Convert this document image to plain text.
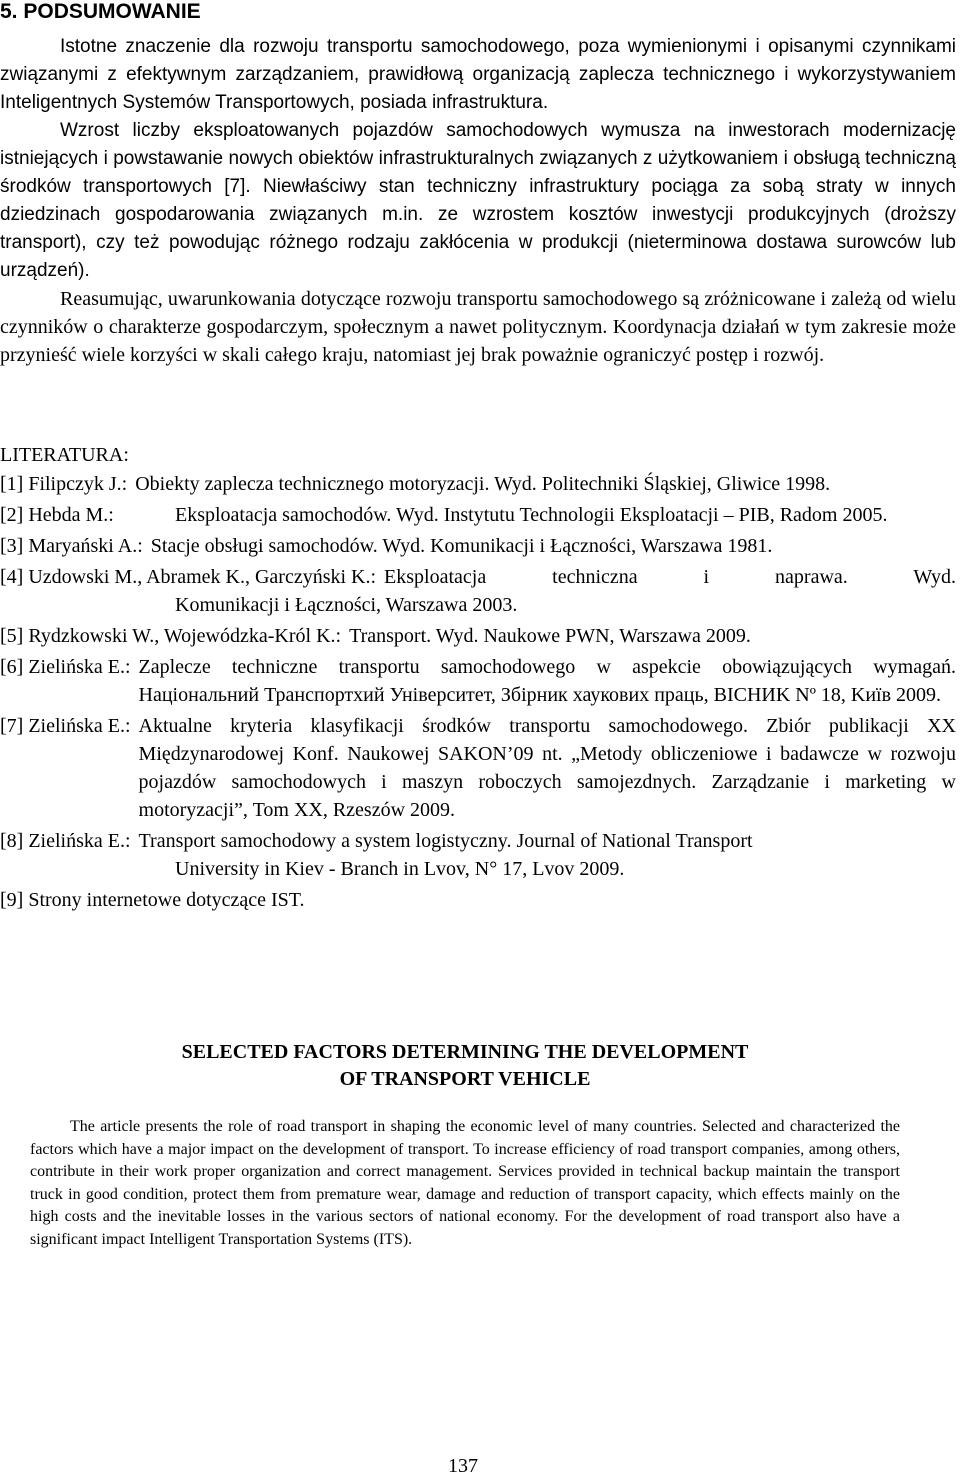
5. PODSUMOWANIE
Istotne znaczenie dla rozwoju transportu samochodowego, poza wymienionymi i opisanymi czynnikami związanymi z efektywnym zarządzaniem, prawidłową organizacją zaplecza technicznego i wykorzystywaniem Inteligentnych Systemów Transportowych, posiada infrastruktura.
Wzrost liczby eksploatowanych pojazdów samochodowych wymusza na inwestorach modernizację istniejących i powstawanie nowych obiektów infrastrukturalnych związanych z użytkowaniem i obsługą techniczną środków transportowych [7]. Niewłaściwy stan techniczny infrastruktury pociąga za sobą straty w innych dziedzinach gospodarowania związanych m.in. ze wzrostem kosztów inwestycji produkcyjnych (droższy transport), czy też powodując różnego rodzaju zakłócenia w produkcji (nieterminowa dostawa surowców lub urządzeń).
Reasumując, uwarunkowania dotyczące rozwoju transportu samochodowego są zróżnicowane i zależą od wielu czynników o charakterze gospodarczym, społecznym a nawet politycznym. Koordynacja działań w tym zakresie może przynieść wiele korzyści w skali całego kraju, natomiast jej brak poważnie ograniczyć postęp i rozwój.
LITERATURA:
[1] Filipczyk J.: Obiekty zaplecza technicznego motoryzacji. Wyd. Politechniki Śląskiej, Gliwice 1998.
[2] Hebda M.:	Eksploatacja samochodów. Wyd. Instytutu Technologii Eksploatacji – PIB, Radom 2005.
[3] Maryański A.: Stacje obsługi samochodów. Wyd. Komunikacji i Łączności, Warszawa 1981.
[4] Uzdowski M., Abramek K., Garczyński K.: Eksploatacja techniczna i naprawa. Wyd.
Komunikacji i Łączności, Warszawa 2003.
[5] Rydzkowski W., Wojewódzka-Król K.: Transport. Wyd. Naukowe PWN, Warszawa 2009.
[6] Zielińska E.: Zaplecze techniczne transportu samochodowego w aspekcie obowiązujących wymagań. Національний Транспортхий Університет, Збірник хаукових праць, BICHИK Nº 18, Kиïв 2009.
[7] Zielińska E.: Aktualne kryteria klasyfikacji środków transportu samochodowego. Zbiór publikacji XX Międzynarodowej Konf. Naukowej SAKON’09 nt. „Metody obliczeniowe i badawcze w rozwoju pojazdów samochodowych i maszyn roboczych samojezdnych. Zarządzanie i marketing w motoryzacji”, Tom XX, Rzeszów 2009.
[8] Zielińska E.: Transport samochodowy a system logistyczny. Journal of National Transport
University in Kiev - Branch in Lvov, N° 17, Lvov 2009.
[9] Strony internetowe dotyczące IST.
SELECTED FACTORS DETERMINING THE DEVELOPMENT
OF TRANSPORT VEHICLE

The article presents the role of road transport in shaping the economic level of many countries. Selected and characterized the factors which have a major impact on the development of transport. To increase efficiency of road transport companies, among others, contribute in their work proper organization and correct management. Services provided in technical backup maintain the transport truck in good condition, protect them from premature wear, damage and reduction of transport capacity, which effects mainly on the high costs and the inevitable losses in the various sectors of national economy. For the development of road transport also have a significant impact Intelligent Transportation Systems (ITS).

137
